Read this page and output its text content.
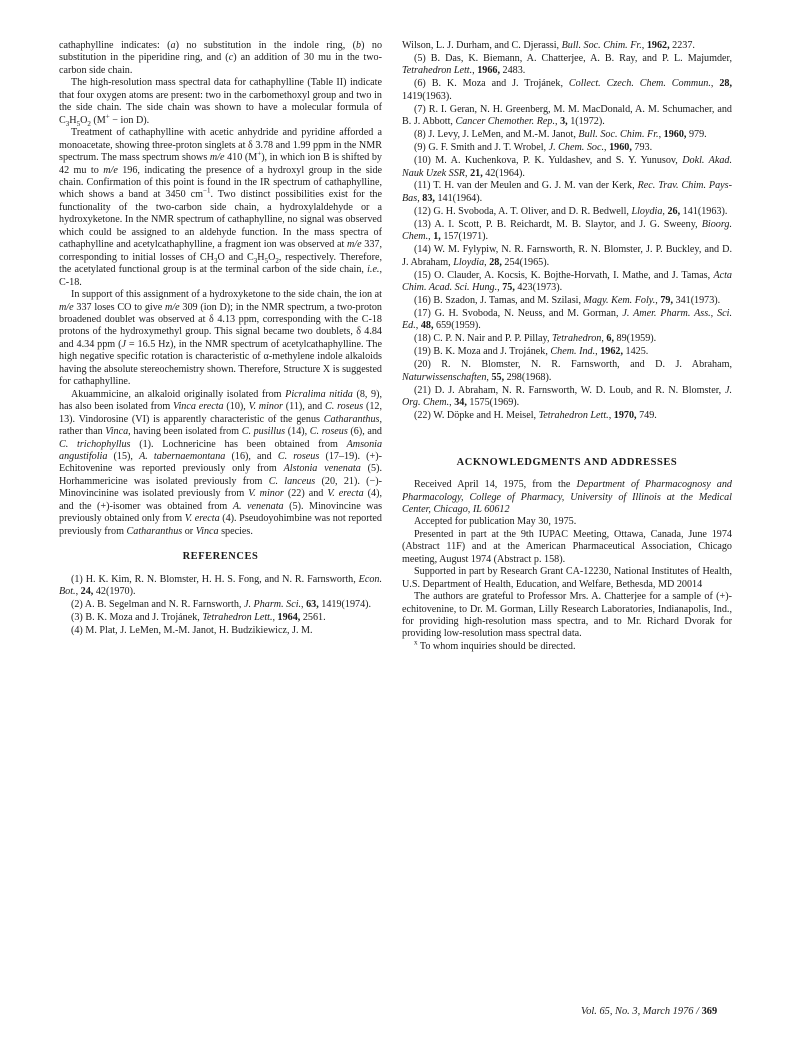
cathaphylline indicates: (a) no substitution in the indole ring, (b) no substitution in the piperidine ring, and (c) an addition of 30 mu in the two-carbon side chain.

The high-resolution mass spectral data for cathaphylline (Table II) indicate that four oxygen atoms are present: two in the carbomethoxyl group and two in the side chain. The side chain was shown to have a molecular formula of $C_3H_5O_2$ (M+ − ion D).

Treatment of cathaphylline with acetic anhydride and pyridine afforded a monoacetate, showing three-proton singlets at δ 3.78 and 1.99 ppm in the NMR spectrum. The mass spectrum shows m/e 410 (M+), in which ion B is shifted by 42 mu to m/e 196, indicating the presence of a hydroxyl group in the side chain. Confirmation of this point is found in the IR spectrum of cathaphylline, which shows a band at 3450 $cm^{-1}$. Two distinct possibilities exist for the functionality of the two-carbon side chain, a hydroxylaldehyde or a hydroxyketone. In the NMR spectrum of cathaphylline, no signal was observed which could be assigned to an aldehyde function. In the mass spectra of cathaphylline and acetylcathaphylline, a fragment ion was observed at m/e 337, corresponding to initial losses of $CH_3O$ and $C_3H_5O_2$, respectively. Therefore, the acetylated functional group is at the terminal carbon of the side chain, i.e., C-18.

In support of this assignment of a hydroxyketone to the side chain, the ion at m/e 337 loses CO to give m/e 309 (ion D); in the NMR spectrum, a two-proton broadened doublet was observed at δ 4.13 ppm, corresponding with the C-18 protons of the hydroxymethyl group. This signal became two doublets, δ 4.84 and 4.34 ppm (J = 16.5 Hz), in the NMR spectrum of acetylcathaphylline. The high negative specific rotation is characteristic of α-methylene indole alkaloids having the absolute stereochemistry shown. Therefore, Structure X is suggested for cathaphylline.

Akuammicine, an alkaloid originally isolated from Picralima nitida (8, 9), has also been isolated from Vinca erecta (10), V. minor (11), and C. roseus (12, 13). Vindorosine (VI) is apparently characteristic of the genus Catharanthus, rather than Vinca, having been isolated from C. pusillus (14), C. roseus (6), and C. trichophyllus (1). Lochnericine has been obtained from Amsonia angustifolia (15), A. tabernaemontana (16), and C. roseus (17–19). (+)-Echitovenine was reported previously only from Alstonia venenata (5). Horhammericine was isolated previously from C. lanceus (20, 21). (−)-Minovincinine was isolated previously from V. minor (22) and V. erecta (4), and the (+)-isomer was obtained from A. venenata (5). Minovincine was previously obtained only from V. erecta (4). Pseudoyohimbine was not reported previously from Catharanthus or Vinca species.

REFERENCES

(1) H. K. Kim, R. N. Blomster, H. H. S. Fong, and N. R. Farnsworth, Econ. Bot., 24, 42(1970).

(2) A. B. Segelman and N. R. Farnsworth, J. Pharm. Sci., 63, 1419(1974).

(3) B. K. Moza and J. Trojánek, Tetrahedron Lett., 1964, 2561.

(4) M. Plat, J. LeMen, M.-M. Janot, H. Budzikiewicz, J. M.

Wilson, L. J. Durham, and C. Djerassi, Bull. Soc. Chim. Fr., 1962, 2237.

(5) B. Das, K. Biemann, A. Chatterjee, A. B. Ray, and P. L. Majumder, Tetrahedron Lett., 1966, 2483.

(6) B. K. Moza and J. Trojánek, Collect. Czech. Chem. Commun., 28, 1419(1963).

(7) R. I. Geran, N. H. Greenberg, M. M. MacDonald, A. M. Schumacher, and B. J. Abbott, Cancer Chemother. Rep., 3, 1(1972).

(8) J. Levy, J. LeMen, and M.-M. Janot, Bull. Soc. Chim. Fr., 1960, 979.

(9) G. F. Smith and J. T. Wrobel, J. Chem. Soc., 1960, 793.

(10) M. A. Kuchenkova, P. K. Yuldashev, and S. Y. Yunusov, Dokl. Akad. Nauk Uzek SSR, 21, 42(1964).

(11) T. H. van der Meulen and G. J. M. van der Kerk, Rec. Trav. Chim. Pays-Bas, 83, 141(1964).

(12) G. H. Svoboda, A. T. Oliver, and D. R. Bedwell, Lloydia, 26, 141(1963).

(13) A. I. Scott, P. B. Reichardt, M. B. Slaytor, and J. G. Sweeny, Bioorg. Chem., 1, 157(1971).

(14) W. M. Fylypiw, N. R. Farnsworth, R. N. Blomster, J. P. Buckley, and D. J. Abraham, Lloydia, 28, 254(1965).

(15) O. Clauder, A. Kocsis, K. Bojthe-Horvath, I. Mathe, and J. Tamas, Acta Chim. Acad. Sci. Hung., 75, 423(1973).

(16) B. Szadon, J. Tamas, and M. Szilasi, Magy. Kem. Foly., 79, 341(1973).

(17) G. H. Svoboda, N. Neuss, and M. Gorman, J. Amer. Pharm. Ass., Sci. Ed., 48, 659(1959).

(18) C. P. N. Nair and P. P. Pillay, Tetrahedron, 6, 89(1959).

(19) B. K. Moza and J. Trojánek, Chem. Ind., 1962, 1425.

(20) R. N. Blomster, N. R. Farnsworth, and D. J. Abraham, Naturwissenschaften, 55, 298(1968).

(21) D. J. Abraham, N. R. Farnsworth, W. D. Loub, and R. N. Blomster, J. Org. Chem., 34, 1575(1969).

(22) W. Döpke and H. Meisel, Tetrahedron Lett., 1970, 749.

ACKNOWLEDGMENTS AND ADDRESSES

Received April 14, 1975, from the Department of Pharmacognosy and Pharmacology, College of Pharmacy, University of Illinois at the Medical Center, Chicago, IL 60612

Accepted for publication May 30, 1975.

Presented in part at the 9th IUPAC Meeting, Ottawa, Canada, June 1974 (Abstract 11F) and at the American Pharmaceutical Association, Chicago meeting, August 1974 (Abstract p. 158).

Supported in part by Research Grant CA-12230, National Institutes of Health, U.S. Department of Health, Education, and Welfare, Bethesda, MD 20014

The authors are grateful to Professor Mrs. A. Chatterjee for a sample of (+)-echitovenine, to Dr. M. Gorman, Lilly Research Laboratories, Indianapolis, Ind., for providing high-resolution mass spectra, and to Mr. Richard Dvorak for providing low-resolution mass spectral data.

$^x$ To whom inquiries should be directed.

Vol. 65, No. 3, March 1976 / 369
